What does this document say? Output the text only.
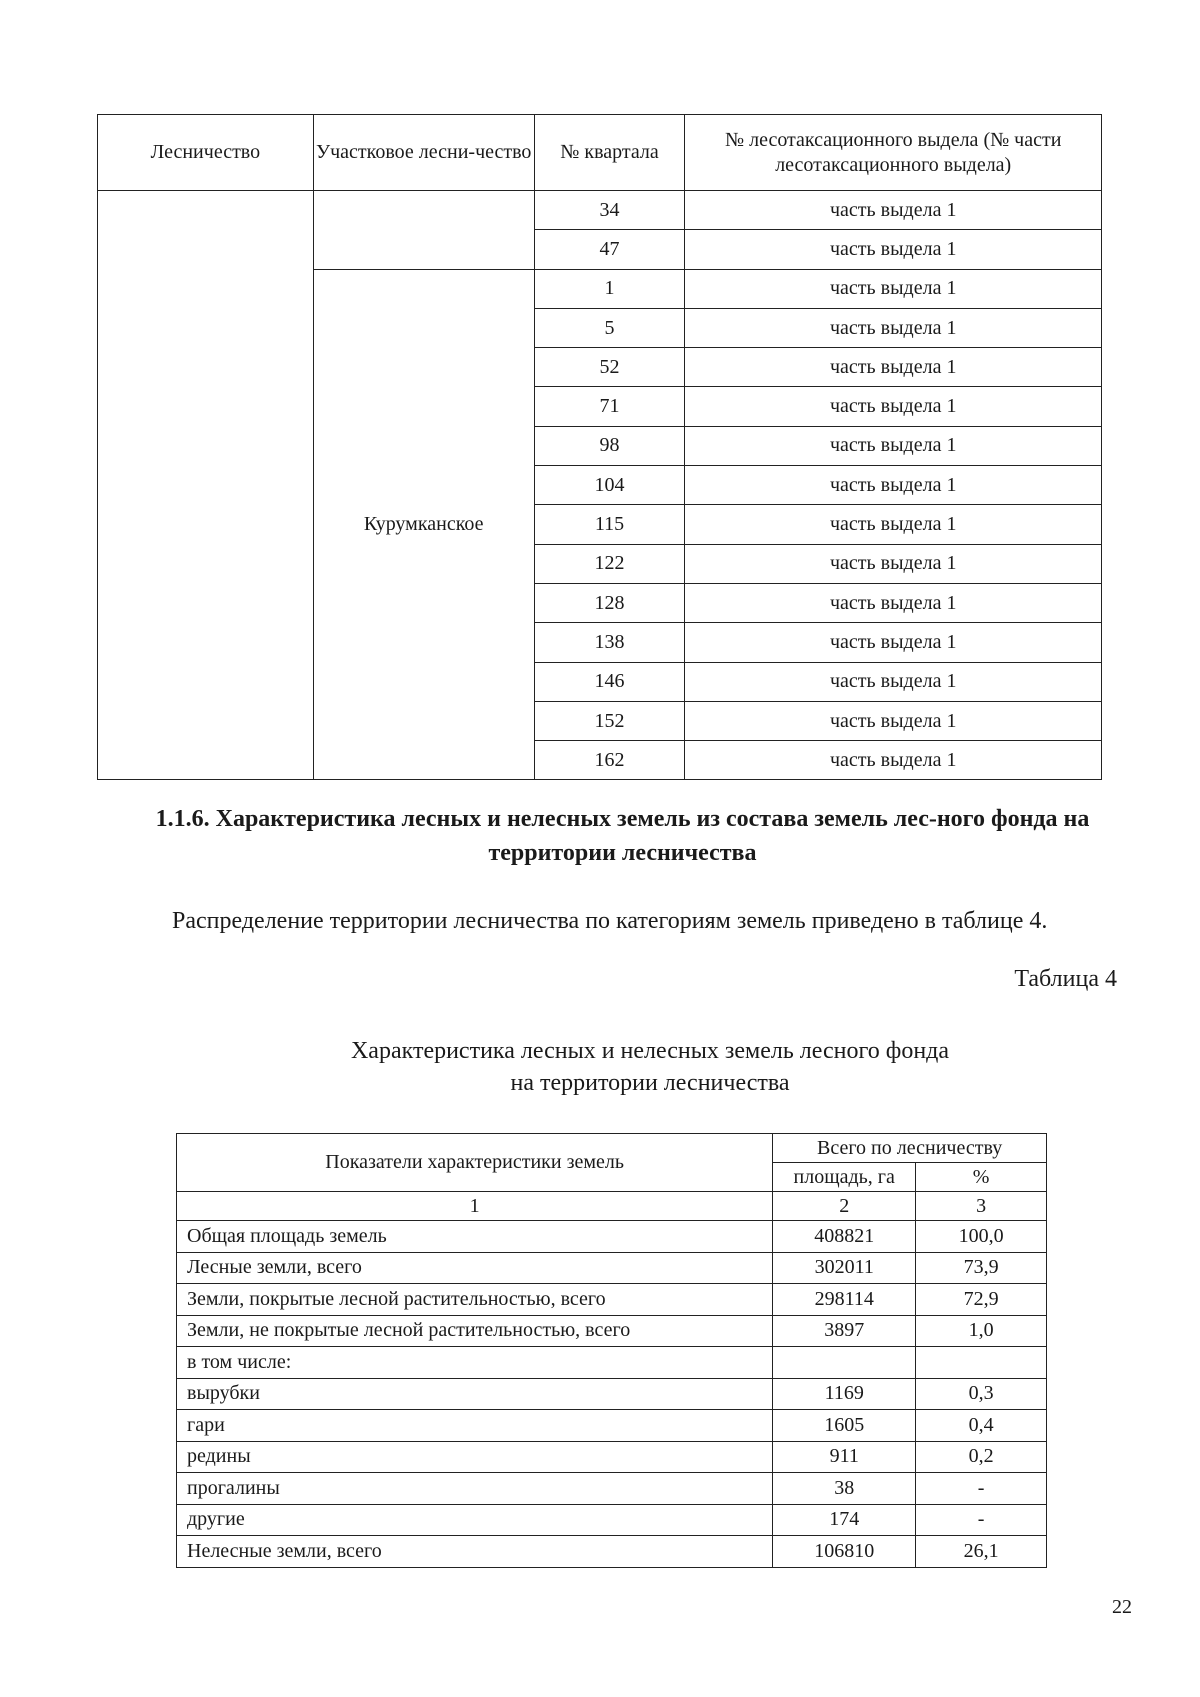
Лесничество	Участковое лесни-чество	№ квартала	№ лесотаксационного выдела (№ части лесотаксационного выдела)
		34	часть выдела 1
		47	часть выдела 1
	Курумканское	1	часть выдела 1
		5	часть выдела 1
		52	часть выдела 1
		71	часть выдела 1
		98	часть выдела 1
		104	часть выдела 1
		115	часть выдела 1
		122	часть выдела 1
		128	часть выдела 1
		138	часть выдела 1
		146	часть выдела 1
		152	часть выдела 1
		162	часть выдела 1
1.1.6. Характеристика лесных и нелесных земель из состава земель лес-ного фонда на территории лесничества

Распределение территории лесничества по категориям земель приведено в таблице 4.

Таблица 4
Характеристика лесных и нелесных земель лесного фонда
на территории лесничества
Показатели характеристики земель	Всего по лесничеству	
	площадь, га	%
1	2	3
Общая площадь земель	408821	100,0
Лесные земли, всего	302011	73,9
Земли, покрытые лесной растительностью, всего	298114	72,9
Земли, не покрытые лесной растительностью, всего	3897	1,0
в том числе:		
вырубки	1169	0,3
гари	1605	0,4
редины	911	0,2
прогалины	38	-
другие	174	-
Нелесные земли, всего	106810	26,1
22
